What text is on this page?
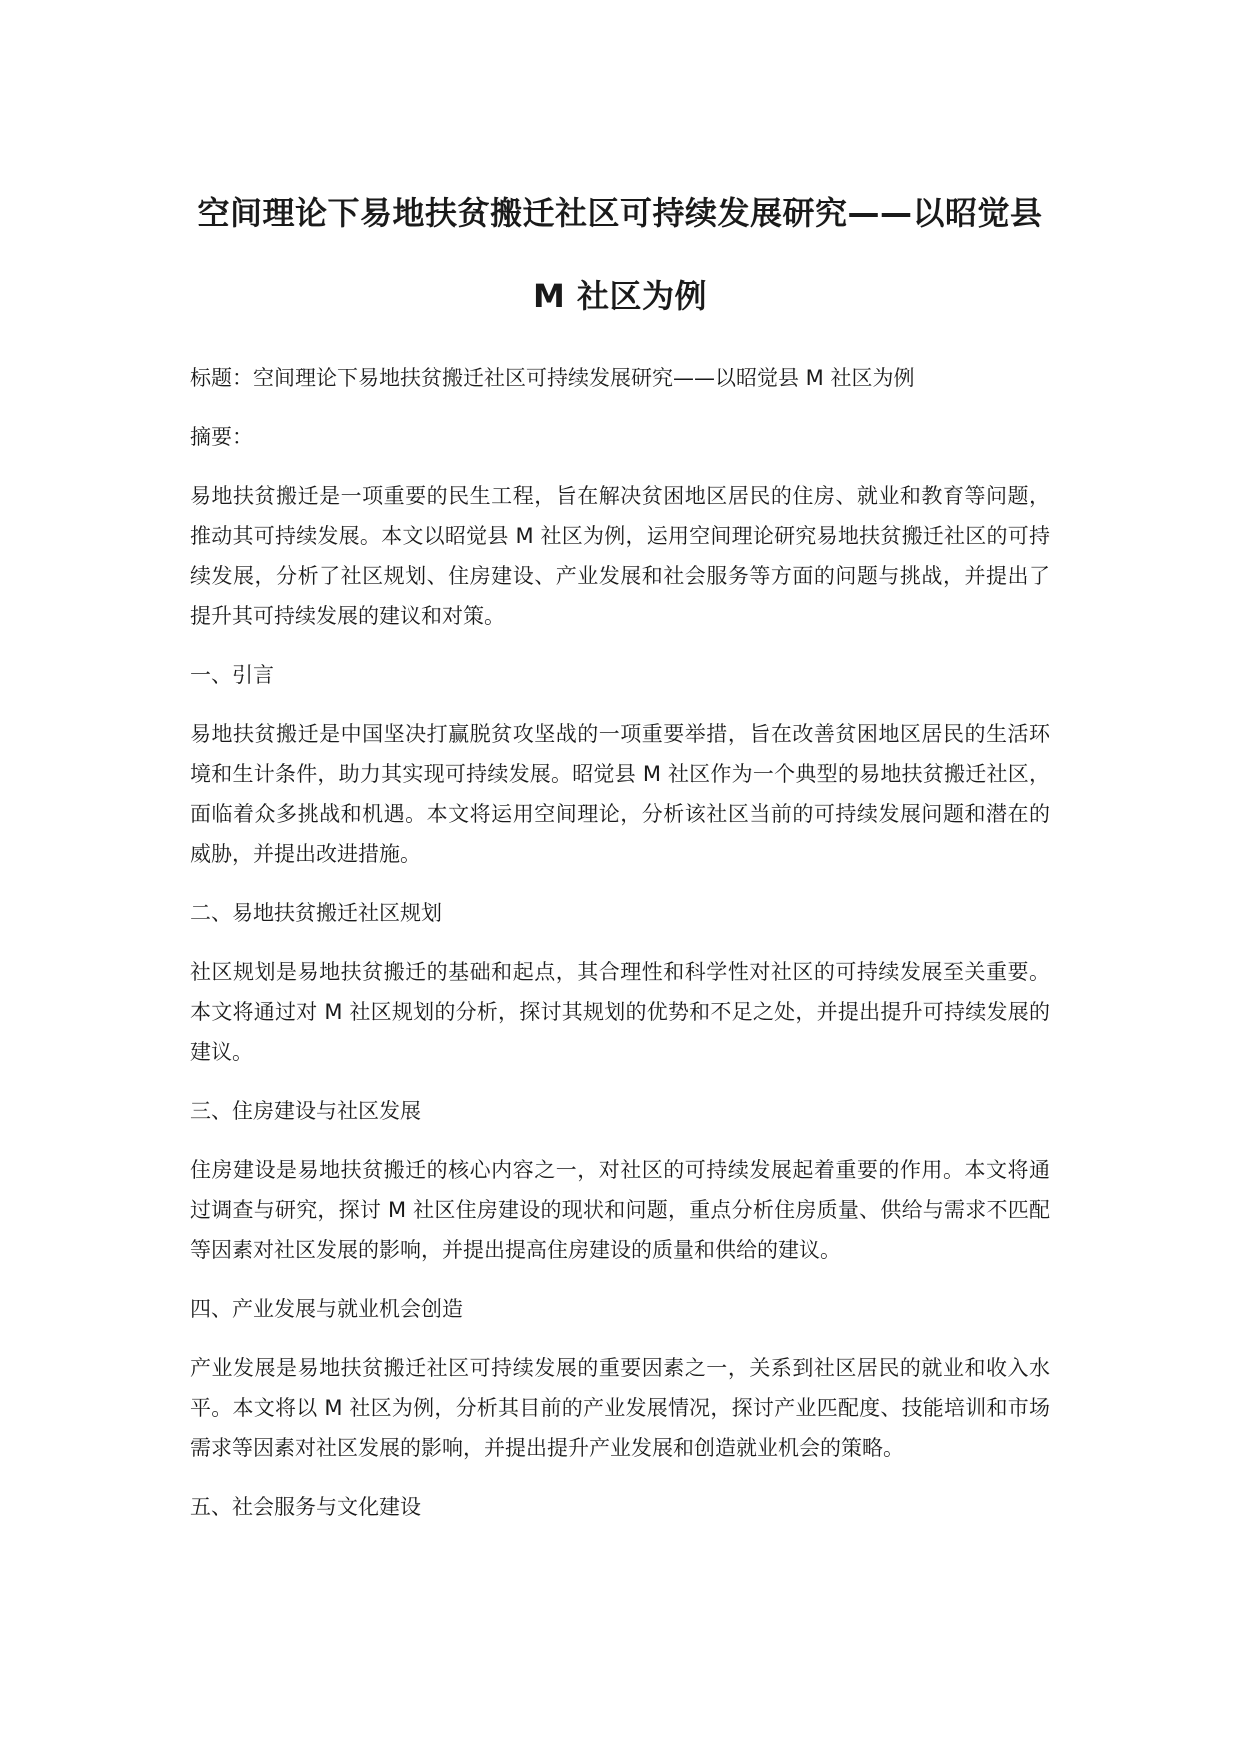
空间理论下易地扶贫搬迁社区可持续发展研究——以昭觉县 M 社区为例

标题：空间理论下易地扶贫搬迁社区可持续发展研究——以昭觉县 M 社区为例

摘要：

易地扶贫搬迁是一项重要的民生工程，旨在解决贫困地区居民的住房、就业和教育等问题，推动其可持续发展。本文以昭觉县 M 社区为例，运用空间理论研究易地扶贫搬迁社区的可持续发展，分析了社区规划、住房建设、产业发展和社会服务等方面的问题与挑战，并提出了提升其可持续发展的建议和对策。

一、引言

易地扶贫搬迁是中国坚决打赢脱贫攻坚战的一项重要举措，旨在改善贫困地区居民的生活环境和生计条件，助力其实现可持续发展。昭觉县 M 社区作为一个典型的易地扶贫搬迁社区，面临着众多挑战和机遇。本文将运用空间理论，分析该社区当前的可持续发展问题和潜在的威胁，并提出改进措施。

二、易地扶贫搬迁社区规划

社区规划是易地扶贫搬迁的基础和起点，其合理性和科学性对社区的可持续发展至关重要。本文将通过对 M 社区规划的分析，探讨其规划的优势和不足之处，并提出提升可持续发展的建议。

三、住房建设与社区发展

住房建设是易地扶贫搬迁的核心内容之一，对社区的可持续发展起着重要的作用。本文将通过调查与研究，探讨 M 社区住房建设的现状和问题，重点分析住房质量、供给与需求不匹配等因素对社区发展的影响，并提出提高住房建设的质量和供给的建议。

四、产业发展与就业机会创造

产业发展是易地扶贫搬迁社区可持续发展的重要因素之一，关系到社区居民的就业和收入水平。本文将以 M 社区为例，分析其目前的产业发展情况，探讨产业匹配度、技能培训和市场需求等因素对社区发展的影响，并提出提升产业发展和创造就业机会的策略。

五、社会服务与文化建设
